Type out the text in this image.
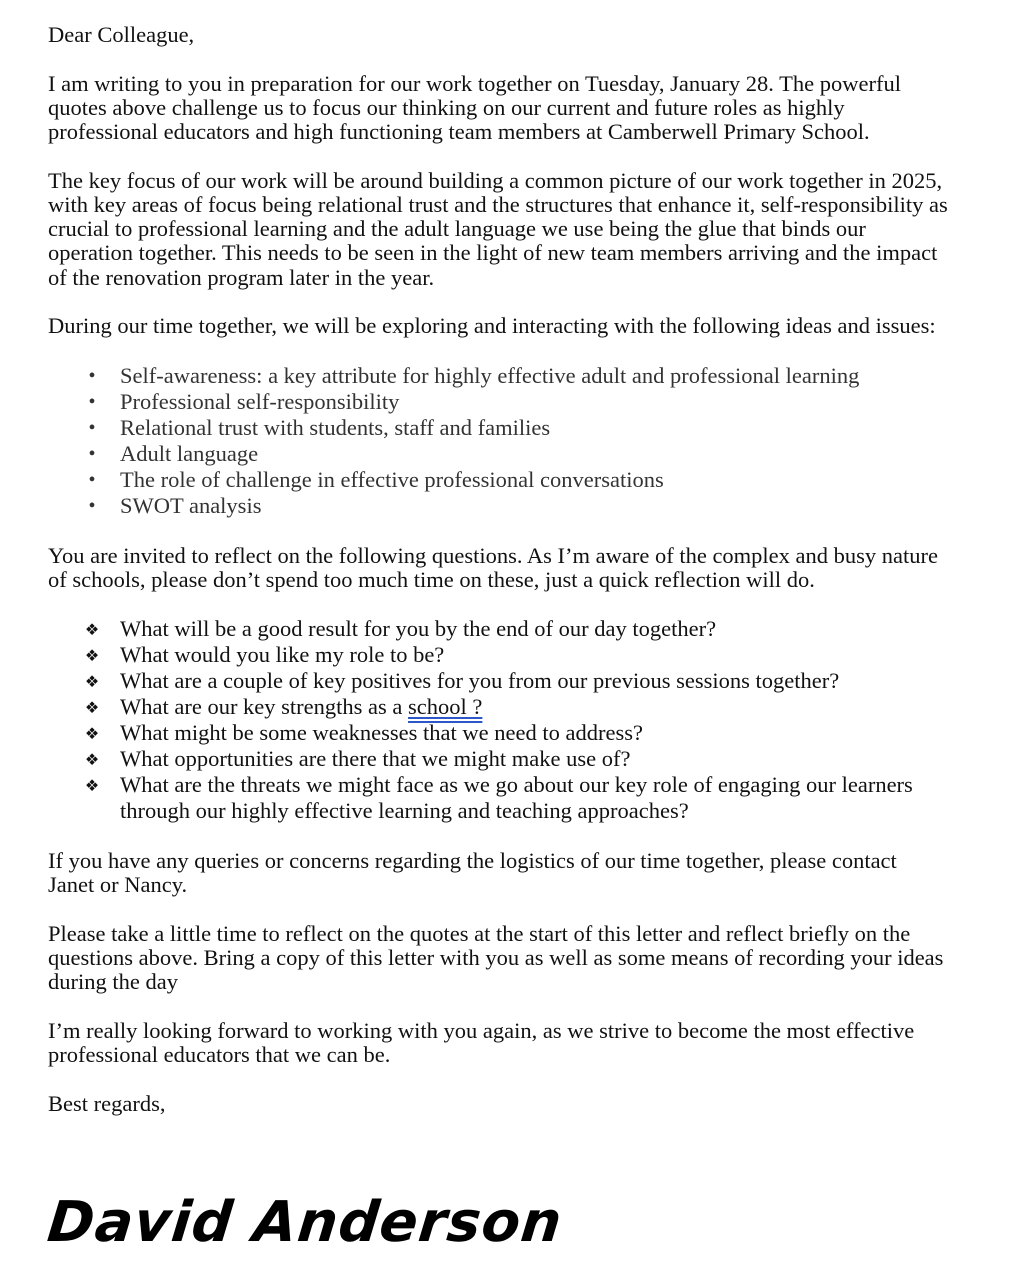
Dear Colleague,

I am writing to you in preparation for our work together on Tuesday, January 28. The powerful quotes above challenge us to focus our thinking on our current and future roles as highly professional educators and high functioning team members at Camberwell Primary School.

The key focus of our work will be around building a common picture of our work together in 2025, with key areas of focus being relational trust and the structures that enhance it, self-responsibility as crucial to professional learning and the adult language we use being the glue that binds our operation together. This needs to be seen in the light of new team members arriving and the impact of the renovation program later in the year.

During our time together, we will be exploring and interacting with the following ideas and issues:

• Self-awareness: a key attribute for highly effective adult and professional learning
• Professional self-responsibility
• Relational trust with students, staff and families
• Adult language
• The role of challenge in effective professional conversations
• SWOT analysis

You are invited to reflect on the following questions. As I’m aware of the complex and busy nature of schools, please don’t spend too much time on these, just a quick reflection will do.

❖ What will be a good result for you by the end of our day together?
❖ What would you like my role to be?
❖ What are a couple of key positives for you from our previous sessions together?
❖ What are our key strengths as a school ?
❖ What might be some weaknesses that we need to address?
❖ What opportunities are there that we might make use of?
❖ What are the threats we might face as we go about our key role of engaging our learners through our highly effective learning and teaching approaches?

If you have any queries or concerns regarding the logistics of our time together, please contact Janet or Nancy.

Please take a little time to reflect on the quotes at the start of this letter and reflect briefly on the questions above. Bring a copy of this letter with you as well as some means of recording your ideas during the day

I’m really looking forward to working with you again, as we strive to become the most effective professional educators that we can be.

Best regards,

David Anderson
